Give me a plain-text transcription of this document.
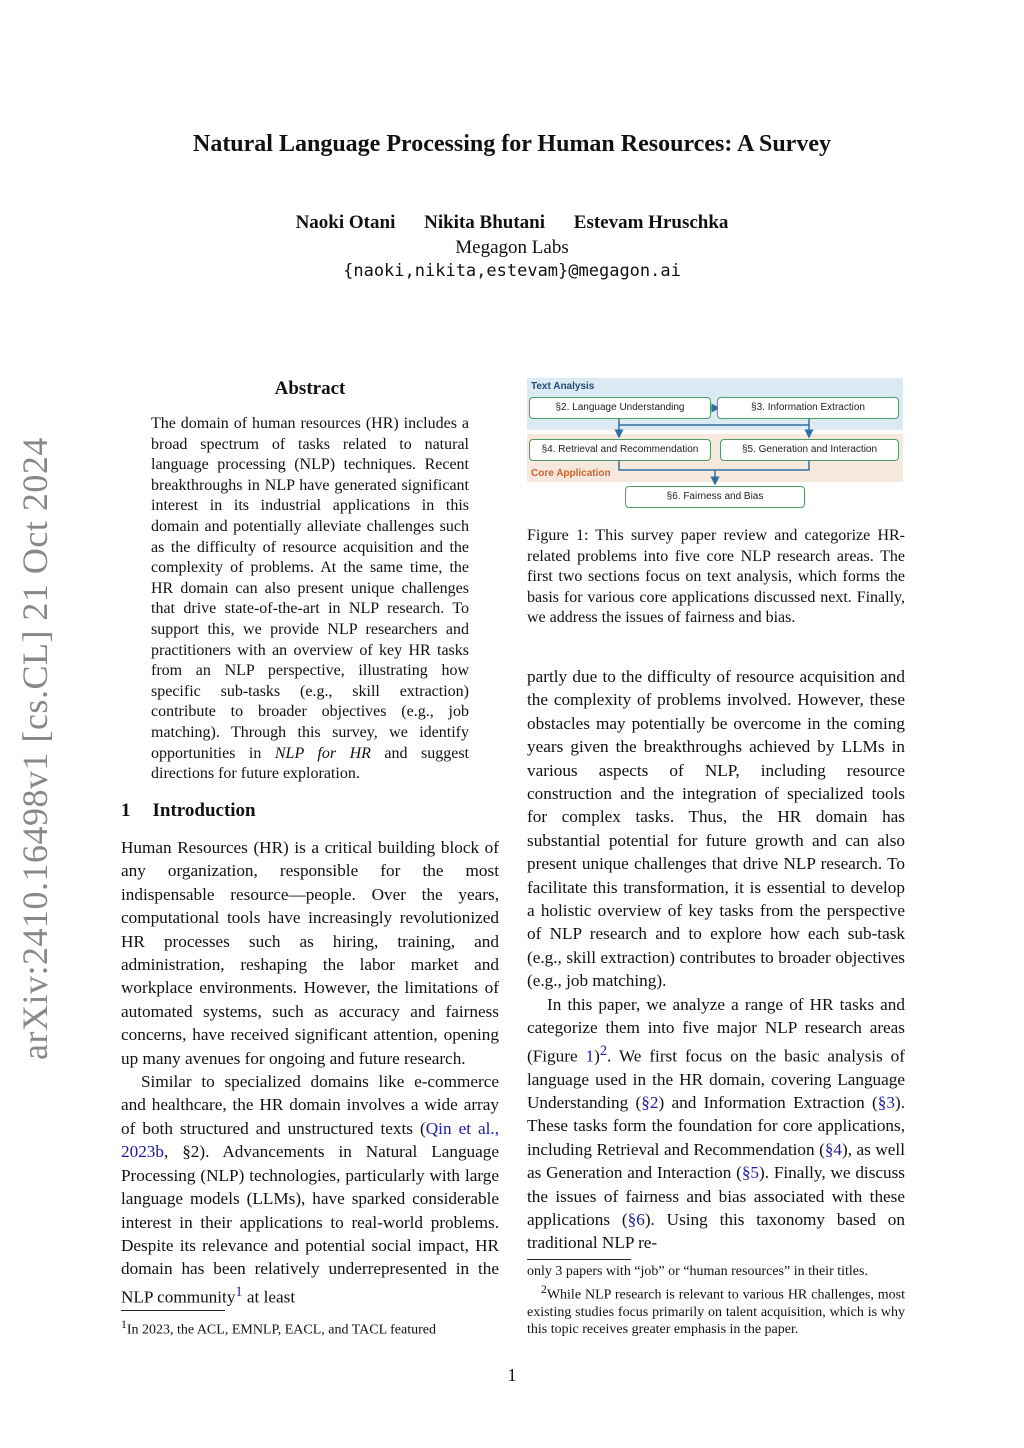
Natural Language Processing for Human Resources: A Survey
Naoki Otani Nikita Bhutani Estevam Hruschka
Megagon Labs
{naoki,nikita,estevam}@megagon.ai
arXiv:2410.16498v1 [cs.CL] 21 Oct 2024
Abstract
The domain of human resources (HR) includes a broad spectrum of tasks related to natural language processing (NLP) techniques. Recent breakthroughs in NLP have generated significant interest in its industrial applications in this domain and potentially alleviate challenges such as the difficulty of resource acquisition and the complexity of problems. At the same time, the HR domain can also present unique challenges that drive state-of-the-art in NLP research. To support this, we provide NLP researchers and practitioners with an overview of key HR tasks from an NLP perspective, illustrating how specific sub-tasks (e.g., skill extraction) contribute to broader objectives (e.g., job matching). Through this survey, we identify opportunities in NLP for HR and suggest directions for future exploration.
1 Introduction

Human Resources (HR) is a critical building block of any organization, responsible for the most indispensable resource—people. Over the years, computational tools have increasingly revolutionized HR processes such as hiring, training, and administration, reshaping the labor market and workplace environments. However, the limitations of automated systems, such as accuracy and fairness concerns, have received significant attention, opening up many avenues for ongoing and future research.

Similar to specialized domains like e-commerce and healthcare, the HR domain involves a wide array of both structured and unstructured texts (Qin et al., 2023b, §2). Advancements in Natural Language Processing (NLP) technologies, particularly with large language models (LLMs), have sparked considerable interest in their applications to real-world problems. Despite its relevance and potential social impact, HR domain has been relatively underrepresented in the NLP community$^1$ at least

$^1$In 2023, the ACL, EMNLP, EACL, and TACL featured
Text Analysis
Core Application
§2. Language Understanding	§3. Information Extraction
§4. Retrieval and Recommendation	§5. Generation and Interaction
§6. Fairness and Bias
Figure 1: This survey paper review and categorize HR-related problems into five core NLP research areas. The first two sections focus on text analysis, which forms the basis for various core applications discussed next. Finally, we address the issues of fairness and bias.

partly due to the difficulty of resource acquisition and the complexity of problems involved. However, these obstacles may potentially be overcome in the coming years given the breakthroughs achieved by LLMs in various aspects of NLP, including resource construction and the integration of specialized tools for complex tasks. Thus, the HR domain has substantial potential for future growth and can also present unique challenges that drive NLP research. To facilitate this transformation, it is essential to develop a holistic overview of key tasks from the perspective of NLP research and to explore how each sub-task (e.g., skill extraction) contributes to broader objectives (e.g., job matching).

In this paper, we analyze a range of HR tasks and categorize them into five major NLP research areas (Figure 1)$^2$. We first focus on the basic analysis of language used in the HR domain, covering Language Understanding (§2) and Information Extraction (§3). These tasks form the foundation for core applications, including Retrieval and Recommendation (§4), as well as Generation and Interaction (§5). Finally, we discuss the issues of fairness and bias associated with these applications (§6). Using this taxonomy based on traditional NLP re-

only 3 papers with “job” or “human resources” in their titles.
$^2$While NLP research is relevant to various HR challenges, most existing studies focus primarily on talent acquisition, which is why this topic receives greater emphasis in the paper.
1
